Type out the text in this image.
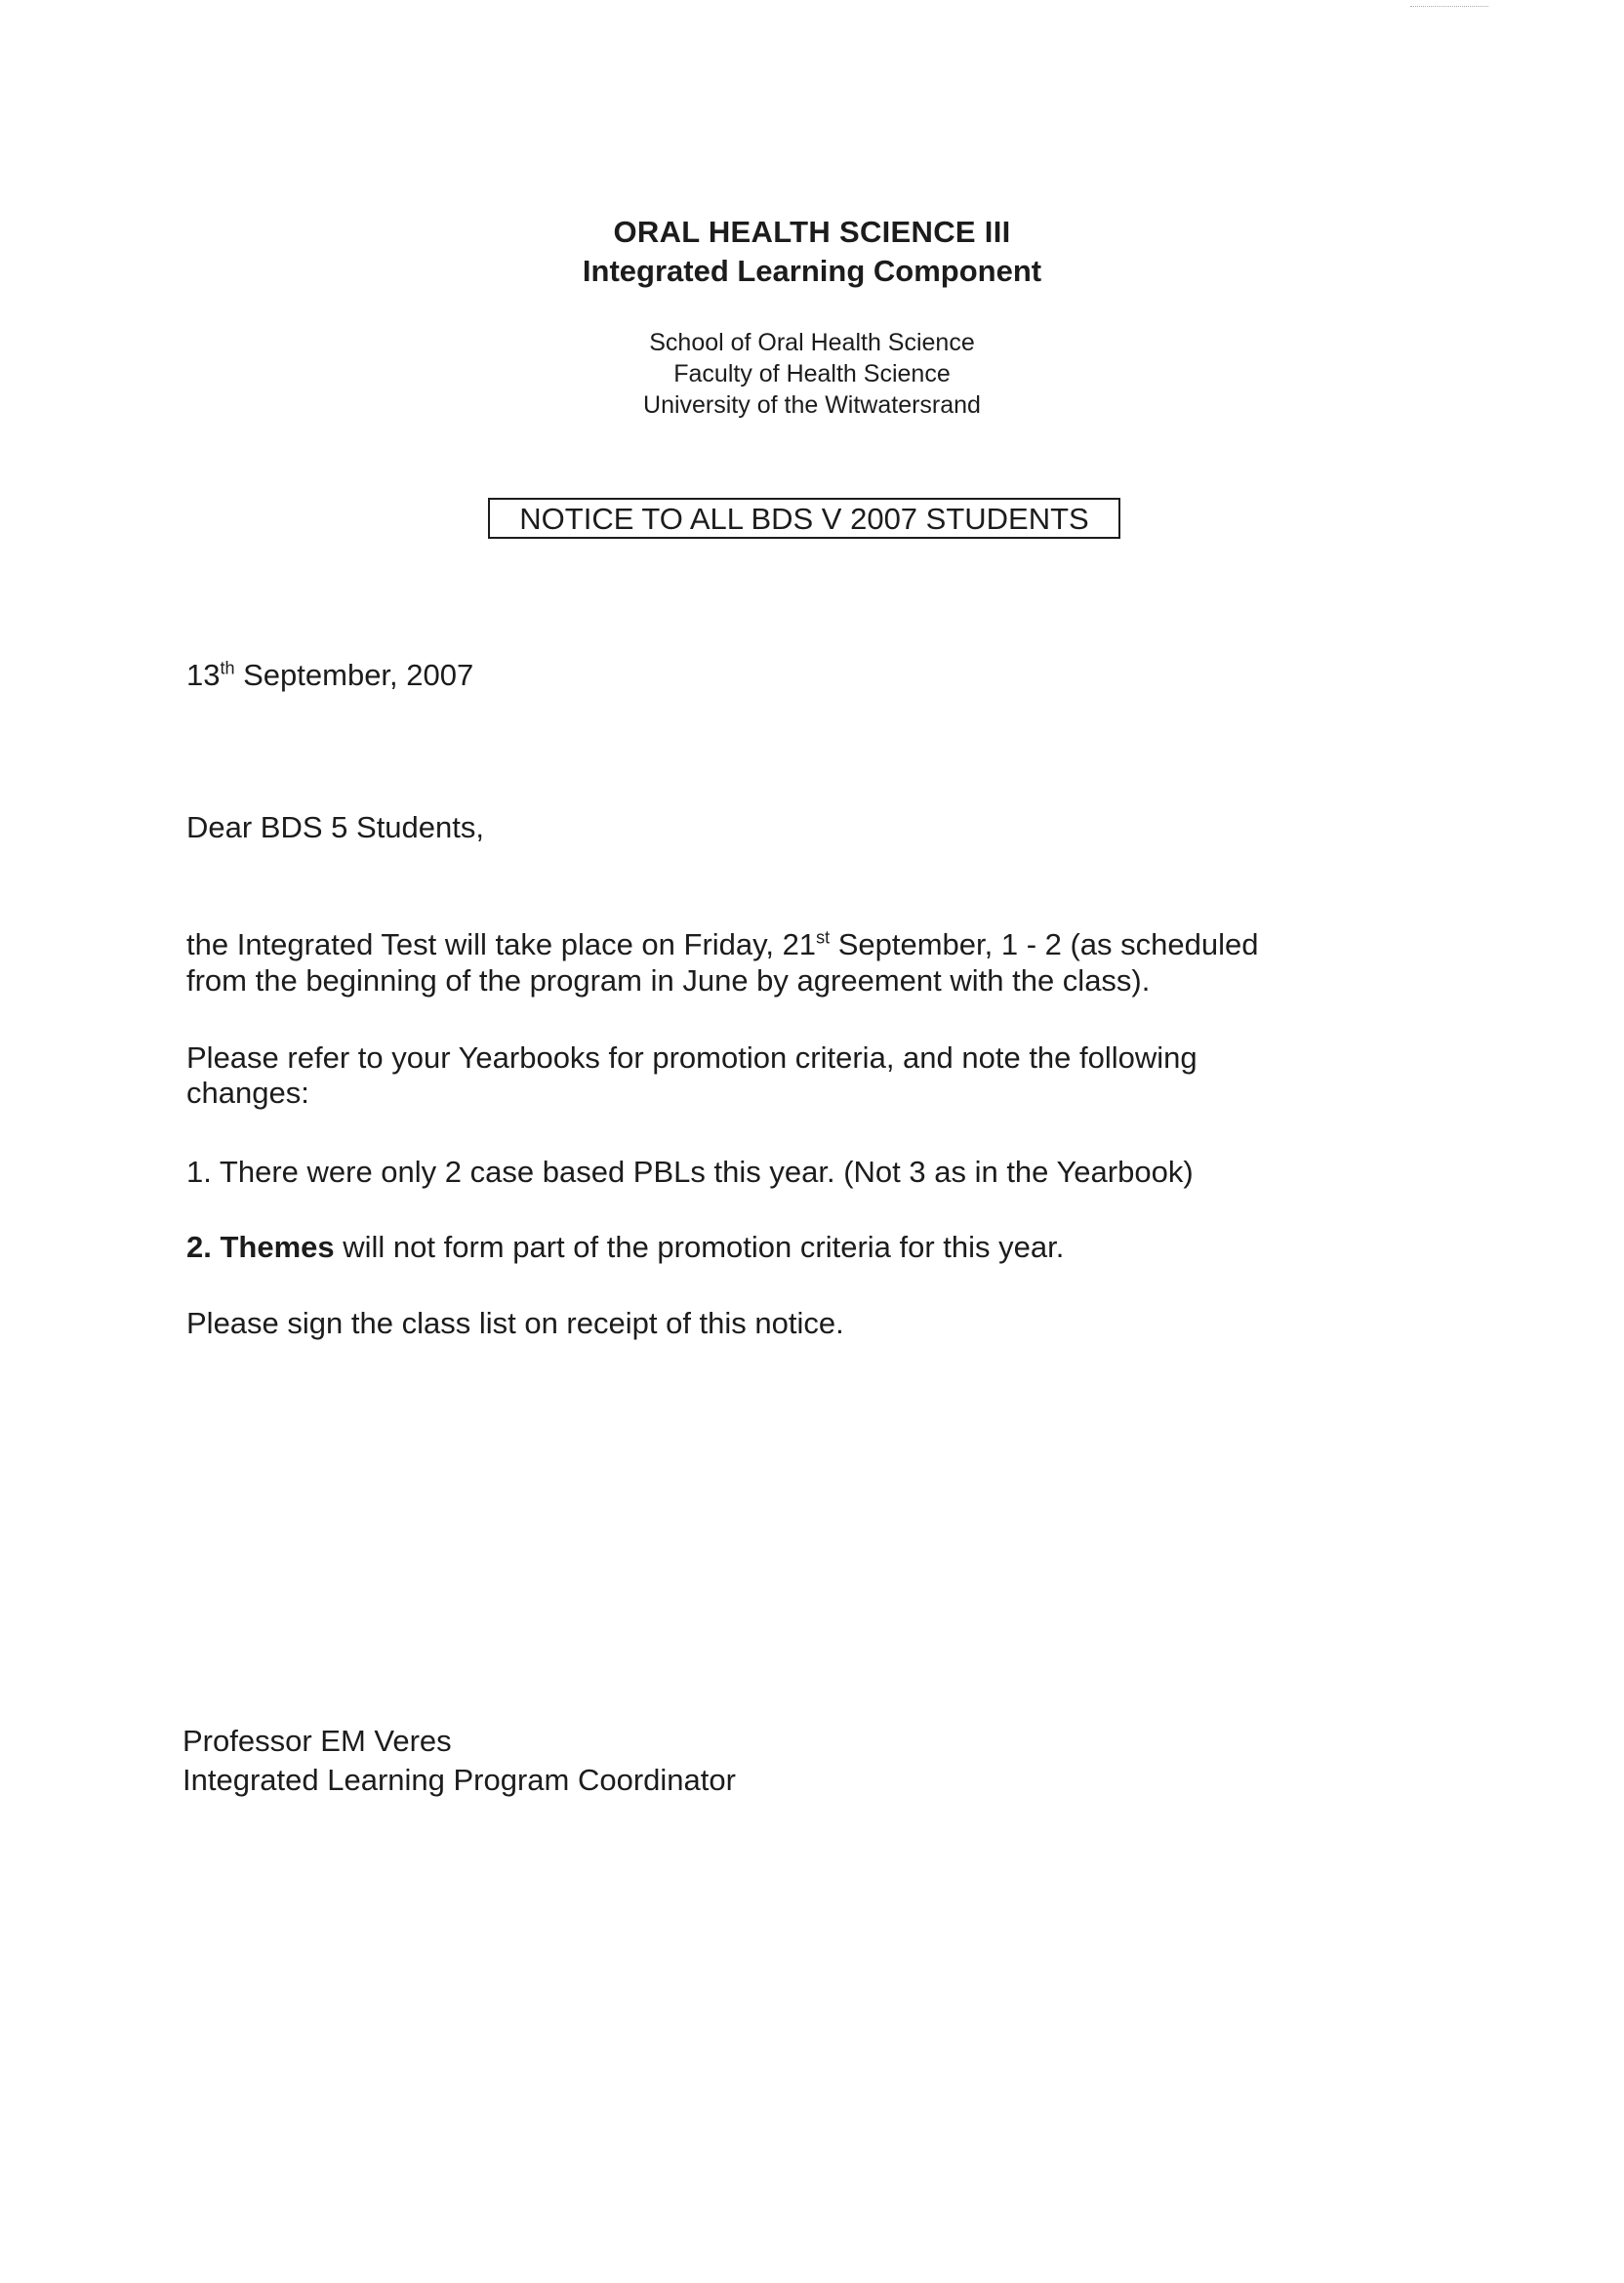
ORAL HEALTH SCIENCE III
Integrated Learning Component
School of Oral Health Science
Faculty of Health Science
University of the Witwatersrand
NOTICE TO ALL BDS V 2007 STUDENTS
13th September, 2007
Dear BDS 5 Students,
the Integrated Test will take place on Friday, 21st September, 1 - 2 (as scheduled
from the beginning of the program in June by agreement with the class).
Please refer to your Yearbooks for promotion criteria, and note the following
changes:
1. There were only 2 case based PBLs this year. (Not 3 as in the Yearbook)
2. Themes will not form part of the promotion criteria for this year.
Please sign the class list on receipt of this notice.
Professor EM Veres
Integrated Learning Program Coordinator
